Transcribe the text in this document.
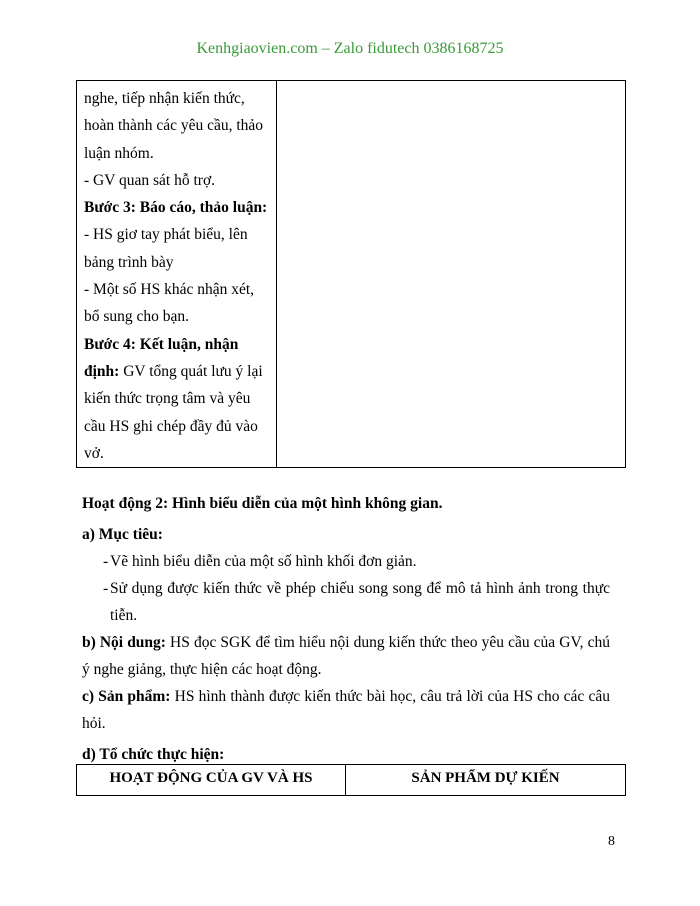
Kenhgiaovien.com – Zalo fidutech 0386168725

nghe, tiếp nhận kiến thức,

hoàn thành các yêu cầu, thảo

luận nhóm.

- GV quan sát hỗ trợ.

Bước 3: Báo cáo, thảo luận:

- HS giơ tay phát biểu, lên

bảng trình bày

- Một số HS khác nhận xét,

bổ sung cho bạn.

Bước 4: Kết luận, nhận

định: GV tổng quát lưu ý lại

kiến thức trọng tâm và yêu

cầu HS ghi chép đầy đủ vào

vở.

Hoạt động 2: Hình biểu diễn của một hình không gian.

a) Mục tiêu:

- Vẽ hình biểu diễn của một số hình khối đơn giản.
- Sử dụng được kiến thức về phép chiếu song song để mô tả hình ảnh trong thực tiễn.

b) Nội dung: HS đọc SGK để tìm hiểu nội dung kiến thức theo yêu cầu của GV, chú ý nghe giảng, thực hiện các hoạt động.

c) Sản phẩm: HS hình thành được kiến thức bài học, câu trả lời của HS cho các câu hỏi.

d) Tổ chức thực hiện:

HOẠT ĐỘNG CỦA GV VÀ HS	SẢN PHẨM DỰ KIẾN
8
